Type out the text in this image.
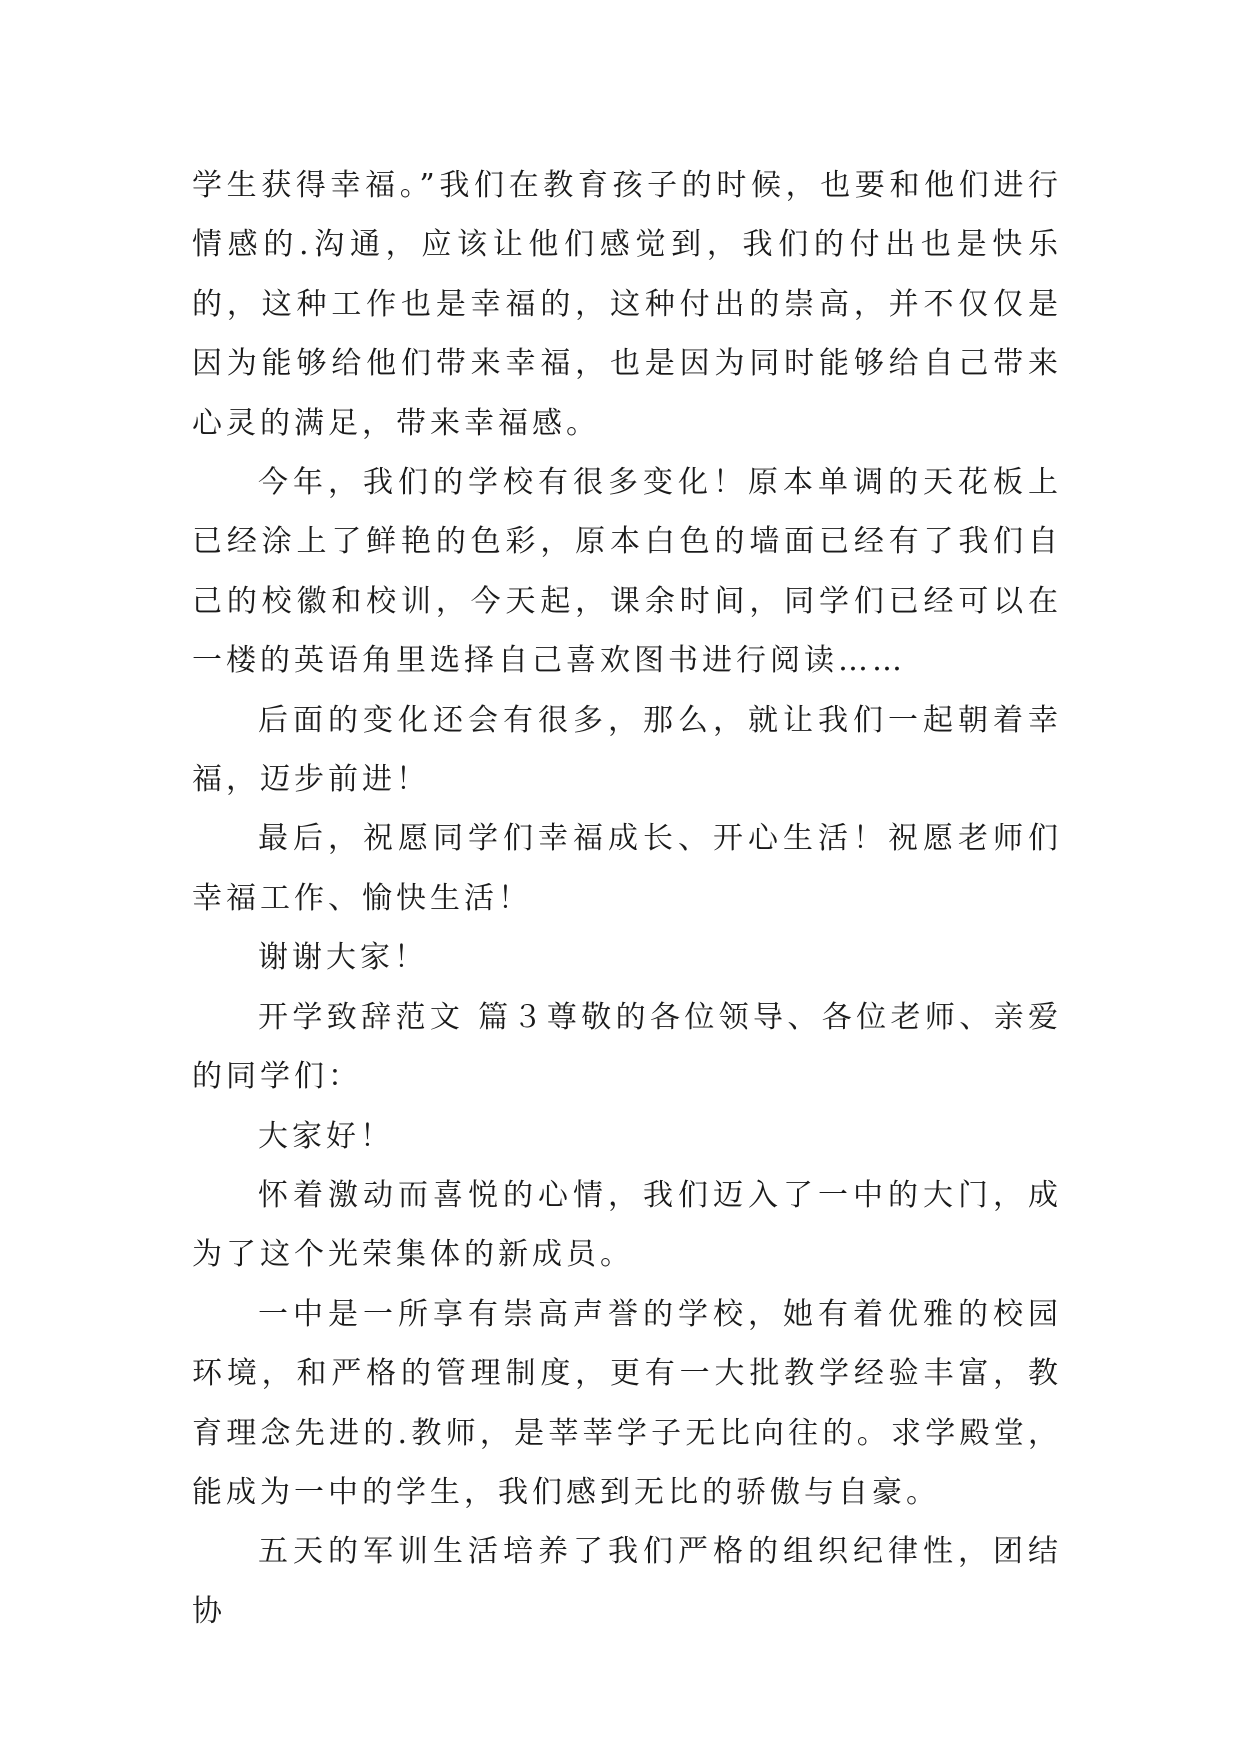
学生获得幸福。”我们在教育孩子的时候，也要和他们进行情感的.沟通，应该让他们感觉到，我们的付出也是快乐的，这种工作也是幸福的，这种付出的崇高，并不仅仅是因为能够给他们带来幸福，也是因为同时能够给自己带来心灵的满足，带来幸福感。

今年，我们的学校有很多变化！原本单调的天花板上已经涂上了鲜艳的色彩，原本白色的墙面已经有了我们自己的校徽和校训，今天起，课余时间，同学们已经可以在一楼的英语角里选择自己喜欢图书进行阅读……

后面的变化还会有很多，那么，就让我们一起朝着幸福，迈步前进！

最后，祝愿同学们幸福成长、开心生活！祝愿老师们幸福工作、愉快生活！

谢谢大家！

开学致辞范文 篇３尊敬的各位领导、各位老师、亲爱的同学们：

大家好！

怀着激动而喜悦的心情，我们迈入了一中的大门，成为了这个光荣集体的新成员。

一中是一所享有崇高声誉的学校，她有着优雅的校园环境，和严格的管理制度，更有一大批教学经验丰富，教育理念先进的.教师，是莘莘学子无比向往的。求学殿堂，能成为一中的学生，我们感到无比的骄傲与自豪。

五天的军训生活培养了我们严格的组织纪律性，团结协
